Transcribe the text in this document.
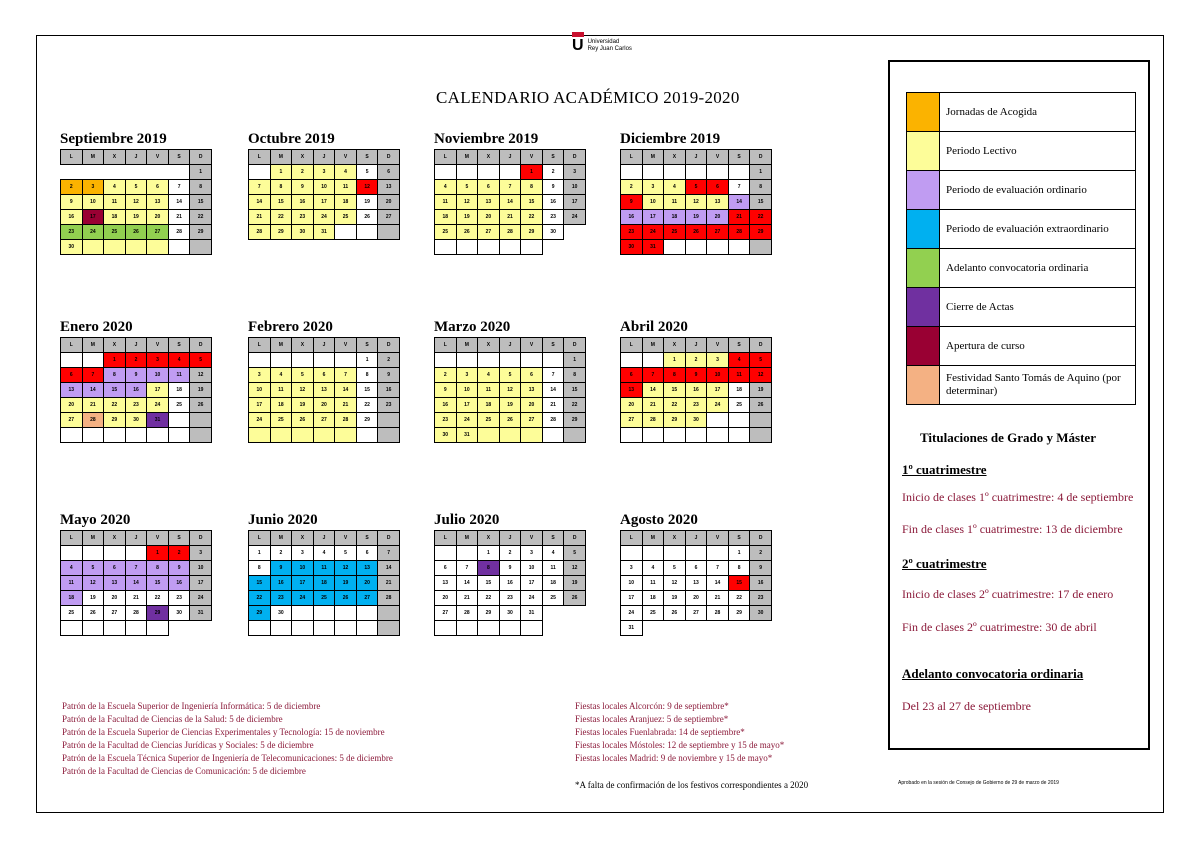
U Universidad
Rey Juan Carlos
CALENDARIO ACADÉMICO 2019-2020
Septiembre 2019
L	M	X	J	V	S	D
						1
2	3	4	5	6	7	8
9	10	11	12	13	14	15
16	17	18	19	20	21	22
23	24	25	26	27	28	29
30						
Octubre 2019
L	M	X	J	V	S	D
	1	2	3	4	5	6
7	8	9	10	11	12	13
14	15	16	17	18	19	20
21	22	23	24	25	26	27
28	29	30	31			
Noviembre 2019
L	M	X	J	V	S	D
				1	2	3
4	5	6	7	8	9	10
11	12	13	14	15	16	17
18	19	20	21	22	23	24
25	26	27	28	29	30	

Diciembre 2019
L	M	X	J	V	S	D
						1
2	3	4	5	6	7	8
9	10	11	12	13	14	15
16	17	18	19	20	21	22
23	24	25	26	27	28	29
30	31					
Enero 2020
L	M	X	J	V	S	D
		1	2	3	4	5
6	7	8	9	10	11	12
13	14	15	16	17	18	19
20	21	22	23	24	25	26
27	28	29	30	31		

Febrero 2020
L	M	X	J	V	S	D
					1	2
3	4	5	6	7	8	9
10	11	12	13	14	15	16
17	18	19	20	21	22	23
24	25	26	27	28	29	

Marzo 2020
L	M	X	J	V	S	D
						1
2	3	4	5	6	7	8
9	10	11	12	13	14	15
16	17	18	19	20	21	22
23	24	25	26	27	28	29
30	31					
Abril 2020
L	M	X	J	V	S	D
		1	2	3	4	5
6	7	8	9	10	11	12
13	14	15	16	17	18	19
20	21	22	23	24	25	26
27	28	29	30			

Mayo 2020
L	M	X	J	V	S	D
				1	2	3
4	5	6	7	8	9	10
11	12	13	14	15	16	17
18	19	20	21	22	23	24
25	26	27	28	29	30	31

Junio 2020
L	M	X	J	V	S	D
1	2	3	4	5	6	7
8	9	10	11	12	13	14
15	16	17	18	19	20	21
22	23	24	25	26	27	28
29	30					

Julio 2020
L	M	X	J	V	S	D
		1	2	3	4	5
6	7	8	9	10	11	12
13	14	15	16	17	18	19
20	21	22	23	24	25	26
27	28	29	30	31		

Agosto 2020
L	M	X	J	V	S	D
					1	2
3	4	5	6	7	8	9
10	11	12	13	14	15	16
17	18	19	20	21	22	23
24	25	26	27	28	29	30
31						
	Jornadas de Acogida
	Periodo Lectivo
	Periodo de evaluación ordinario
	Periodo de evaluación extraordinario
	Adelanto convocatoria ordinaria
	Cierre de Actas
	Apertura de curso
	Festividad Santo Tomás de Aquino (por determinar)
Titulaciones de Grado y Máster
1º cuatrimestre
Inicio de clases 1º cuatrimestre: 4 de septiembre
Fin de clases 1º cuatrimestre: 13 de diciembre
2º cuatrimestre
Inicio de clases 2º cuatrimestre: 17 de enero
Fin de clases 2º cuatrimestre: 30 de abril
Adelanto convocatoria ordinaria
Del 23 al 27 de septiembre
Patrón de la Escuela Superior de Ingeniería Informática: 5 de diciembre
Patrón de la Facultad de Ciencias de la Salud: 5 de diciembre
Patrón de la Escuela Superior de Ciencias Experimentales y Tecnología: 15 de noviembre
Patrón de la Facultad de Ciencias Jurídicas y Sociales: 5 de diciembre
Patrón de la Escuela Técnica Superior de Ingeniería de Telecomunicaciones: 5 de diciembre
Patrón de la Facultad de Ciencias de Comunicación: 5 de diciembre
Fiestas locales Alcorcón: 9 de septiembre*
Fiestas locales Aranjuez: 5 de septiembre*
Fiestas locales Fuenlabrada: 14 de septiembre*
Fiestas locales Móstoles: 12 de septiembre y 15 de mayo*
Fiestas locales Madrid: 9 de noviembre y 15 de mayo*
*A falta de confirmación de los festivos correspondientes a 2020	Aprobado en la sesión de Consejo de Gobierno de 29 de marzo de 2019
